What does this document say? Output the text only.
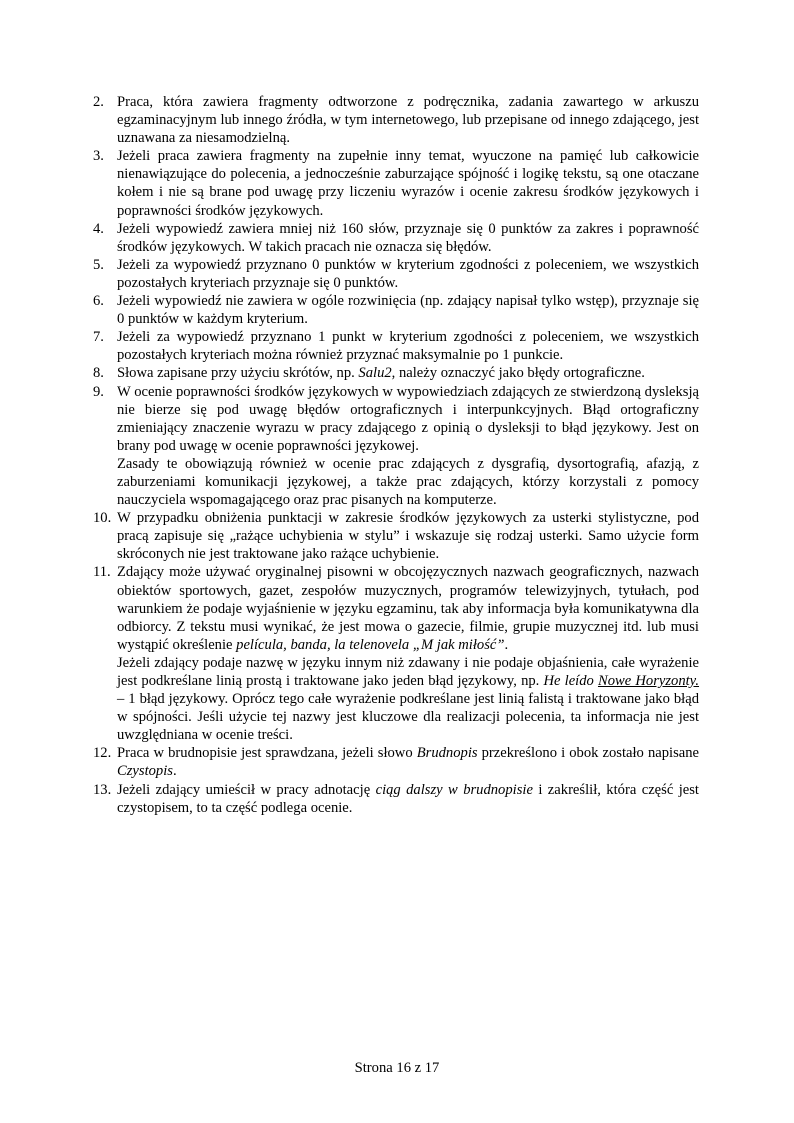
2. Praca, która zawiera fragmenty odtworzone z podręcznika, zadania zawartego w arkuszu egzaminacyjnym lub innego źródła, w tym internetowego, lub przepisane od innego zdającego, jest uznawana za niesamodzielną.

3. Jeżeli praca zawiera fragmenty na zupełnie inny temat, wyuczone na pamięć lub całkowicie nienawiązujące do polecenia, a jednocześnie zaburzające spójność i logikę tekstu, są one otaczane kołem i nie są brane pod uwagę przy liczeniu wyrazów i ocenie zakresu środków językowych i poprawności środków językowych.

4. Jeżeli wypowiedź zawiera mniej niż 160 słów, przyznaje się 0 punktów za zakres i poprawność środków językowych. W takich pracach nie oznacza się błędów.

5. Jeżeli za wypowiedź przyznano 0 punktów w kryterium zgodności z poleceniem, we wszystkich pozostałych kryteriach przyznaje się 0 punktów.

6. Jeżeli wypowiedź nie zawiera w ogóle rozwinięcia (np. zdający napisał tylko wstęp), przyznaje się 0 punktów w każdym kryterium.

7. Jeżeli za wypowiedź przyznano 1 punkt w kryterium zgodności z poleceniem, we wszystkich pozostałych kryteriach można również przyznać maksymalnie po 1 punkcie.

8. Słowa zapisane przy użyciu skrótów, np. Salu2, należy oznaczyć jako błędy ortograficzne.

9. W ocenie poprawności środków językowych w wypowiedziach zdających ze stwierdzoną dysleksją nie bierze się pod uwagę błędów ortograficznych i interpunkcyjnych. Błąd ortograficzny zmieniający znaczenie wyrazu w pracy zdającego z opinią o dysleksji to błąd językowy. Jest on brany pod uwagę w ocenie poprawności językowej.

Zasady te obowiązują również w ocenie prac zdających z dysgrafią, dysortografią, afazją, z zaburzeniami komunikacji językowej, a także prac zdających, którzy korzystali z pomocy nauczyciela wspomagającego oraz prac pisanych na komputerze.

10. W przypadku obniżenia punktacji w zakresie środków językowych za usterki stylistyczne, pod pracą zapisuje się „rażące uchybienia w stylu” i wskazuje się rodzaj usterki. Samo użycie form skróconych nie jest traktowane jako rażące uchybienie.

11. Zdający może używać oryginalnej pisowni w obcojęzycznych nazwach geograficznych, nazwach obiektów sportowych, gazet, zespołów muzycznych, programów telewizyjnych, tytułach, pod warunkiem że podaje wyjaśnienie w języku egzaminu, tak aby informacja była komunikatywna dla odbiorcy. Z tekstu musi wynikać, że jest mowa o gazecie, filmie, grupie muzycznej itd. lub musi wystąpić określenie película, banda, la telenovela „M jak miłość”.

Jeżeli zdający podaje nazwę w języku innym niż zdawany i nie podaje objaśnienia, całe wyrażenie jest podkreślane linią prostą i traktowane jako jeden błąd językowy, np. He leído Nowe Horyzonty. – 1 błąd językowy. Oprócz tego całe wyrażenie podkreślane jest linią falistą i traktowane jako błąd w spójności. Jeśli użycie tej nazwy jest kluczowe dla realizacji polecenia, ta informacja nie jest uwzględniana w ocenie treści.

12. Praca w brudnopisie jest sprawdzana, jeżeli słowo Brudnopis przekreślono i obok zostało napisane Czystopis.

13. Jeżeli zdający umieścił w pracy adnotację ciąg dalszy w brudnopisie i zakreślił, która część jest czystopisem, to ta część podlega ocenie.

Strona 16 z 17
